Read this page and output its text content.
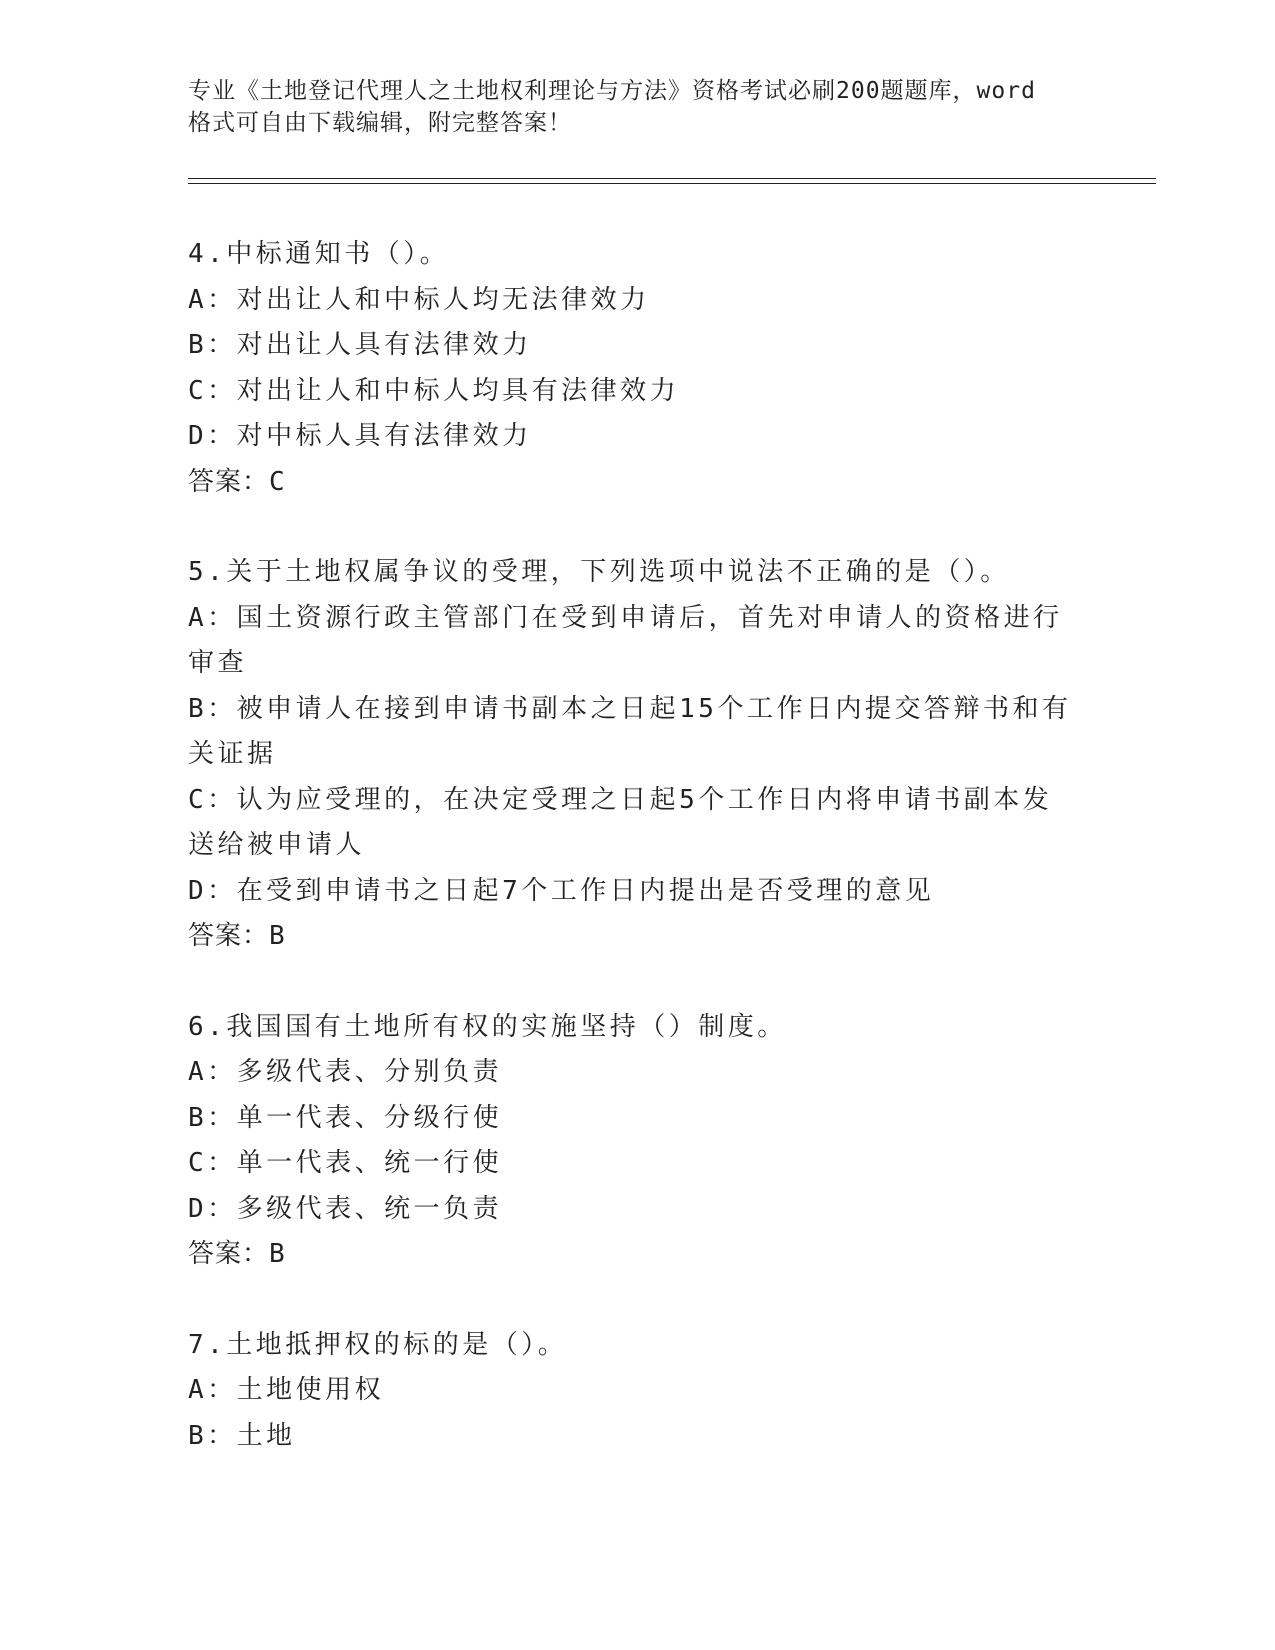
专业《土地登记代理人之土地权利理论与方法》资格考试必刷200题题库，word
格式可自由下载编辑，附完整答案！
4.中标通知书（）。
A：对出让人和中标人均无法律效力
B：对出让人具有法律效力
C：对出让人和中标人均具有法律效力
D：对中标人具有法律效力
答案：C
5.关于土地权属争议的受理，下列选项中说法不正确的是（）。
A：国土资源行政主管部门在受到申请后，首先对申请人的资格进行审查
B：被申请人在接到申请书副本之日起15个工作日内提交答辩书和有关证据
C：认为应受理的，在决定受理之日起5个工作日内将申请书副本发送给被申请人
D：在受到申请书之日起7个工作日内提出是否受理的意见
答案：B
6.我国国有土地所有权的实施坚持（）制度。
A：多级代表、分别负责
B：单一代表、分级行使
C：单一代表、统一行使
D：多级代表、统一负责
答案：B
7.土地抵押权的标的是（）。
A：土地使用权
B：土地
